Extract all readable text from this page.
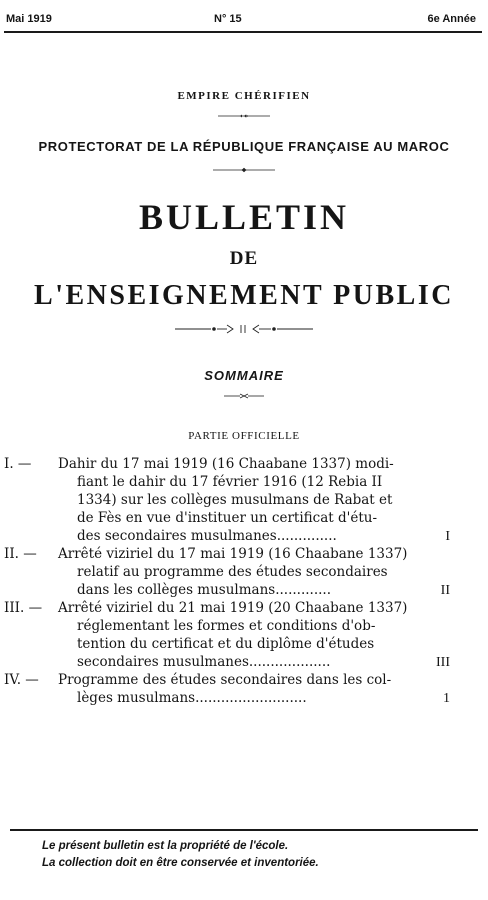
Mai 1919	N° 15	6e Année
EMPIRE CHÉRIFIEN
PROTECTORAT DE LA RÉPUBLIQUE FRANÇAISE AU MAROC
BULLETIN
DE
L'ENSEIGNEMENT PUBLIC
SOMMAIRE
PARTIE OFFICIELLE
I. — Dahir du 17 mai 1919 (16 Chaabane 1337) modi-
fiant le dahir du 17 février 1916 (12 Rebia II
1334) sur les collèges musulmans de Rabat et
de Fès en vue d'instituer un certificat d'étu-
des secondaires musulmanes..............	I
II. — Arrêté viziriel du 17 mai 1919 (16 Chaabane 1337)
relatif au programme des études secondaires
dans les collèges musulmans.............	II
III. — Arrêté viziriel du 21 mai 1919 (20 Chaabane 1337)
réglementant les formes et conditions d'ob-
tention du certificat et du diplôme d'études
secondaires musulmanes...................	III
IV. — Programme des études secondaires dans les col-
lèges musulmans..........................	1
Le présent bulletin est la propriété de l'école.
La collection doit en être conservée et inventoriée.
